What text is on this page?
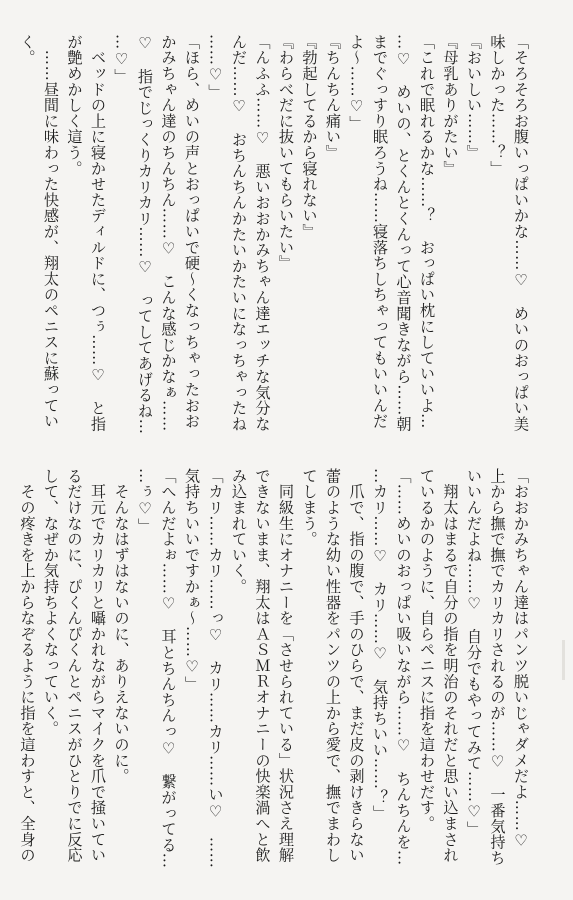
「そろそろお腹いっぱいかな……♡　めいのおっぱい美
味しかった……？」
『おいしい……』
『母乳ありがたい』
「これで眠れるかな……？　おっぱい枕にしていいよ…
…♡　めいの、とくんとくんって心音聞きながら……朝
までぐっすり眠ろうね……寝落ちしちゃってもいいんだ
よ～……♡」
『ちんちん痛い』
『勃起してるから寝れない』
『わらべだに抜いてもらいたい』
「んふふ……♡　悪いおおかみちゃん達エッチな気分な
んだ……♡　おちんちんかたいかたいになっちゃったね
……♡」
「ほら、めいの声とおっぱいで硬～くなっちゃったおお
かみちゃん達のちんちん……♡　こんな感じかなぁ……
♡　指でじっくりカリカリ……♡　ってしてあげるね…
…♡」
　ベッドの上に寝かせたディルドに、つぅ……♡　と指
が艶めかしく這う。
　……昼間に味わった快感が、翔太のペニスに蘇ってい
く。
「おおかみちゃん達はパンツ脱いじゃダメだよ……♡
上から撫で撫でカリカリされるのが……♡　一番気持ち
いいんだよね……♡　自分でもやってみて……♡」
　翔太はまるで自分の指を明治のそれだと思い込まされ
ているかのように、自らペニスに指を這わせだす。
「……めいのおっぱい吸いながら……♡　ちんちんを…
…カリ……♡　カリ……♡　気持ちいい……？」
　爪で、指の腹で、手のひらで、まだ皮の剥けきらない
蕾のような幼い性器をパンツの上から愛で、撫でまわし
てしまう。
　同級生にオナニーを「させられている」状況さえ理解
できないまま、翔太はＡＳＭＲオナニーの快楽渦へと飲
み込まれていく。
「カリ……カリ……っ♡　カリ……カリ……い♡　……
気持ちいいですかぁ～……♡」
「へんだよぉ……♡　耳とちんちんっ♡　繋がってる…
…ぅ♡」
　そんなはずはないのに、ありえないのに。
　耳元でカリカリと囁かれながらマイクを爪で掻いてい
るだけなのに、ぴくんぴくんとペニスがひとりでに反応
して、なぜか気持ちよくなっていく。
　その疼きを上からなぞるように指を這わすと、全身の
